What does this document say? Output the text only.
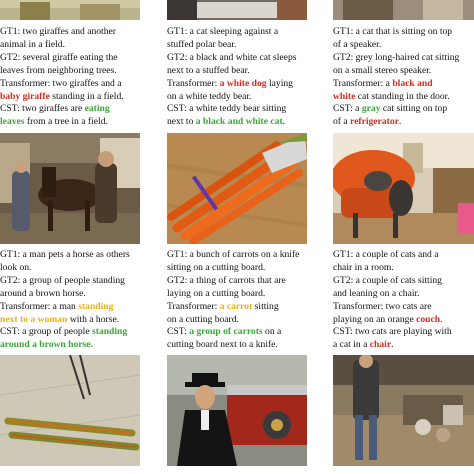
GT1: two giraffes and another

animal in a field.

GT2: several giraffe eating the

leaves from neighboring trees.

Transformer: two giraffes and a

baby giraffe standing in a field.

CST: two giraffes are eating

leaves from a tree in a field.

GT1: a cat sleeping against a

stuffed polar bear.

GT2: a black and white cat sleeps

next to a stuffed bear.

Transformer: a white dog laying

on a white teddy bear.

CST: a white teddy bear sitting

next to a black and white cat.

GT1: a cat that is sitting on top

of a speaker.

GT2: grey long-haired cat sitting

on a small stereo speaker.

Transformer: a black and

white cat standing in the door.

CST: a gray cat sitting on top

of a refrigerator.

GT1: a man pets a horse as others

look on.

GT2: a group of people standing

around a brown horse.

Transformer: a man standing

next to a woman with a horse.

CST: a group of people standing

around a brown horse.

GT1: a bunch of carrots on a knife

sitting on a cutting board.

GT2: a thing of carrots that are

laying on a cutting board.

Transformer: a carrot sitting

on a cutting board.

CST: a group of carrots on a

cutting board next to a knife.

GT1: a couple of cats and a

chair in a room.

GT2: a couple of cats sitting

and leaning on a chair.

Transformer: two cats are

playing on an orange couch.

CST: two cats are playing with

a cat in a chair.
